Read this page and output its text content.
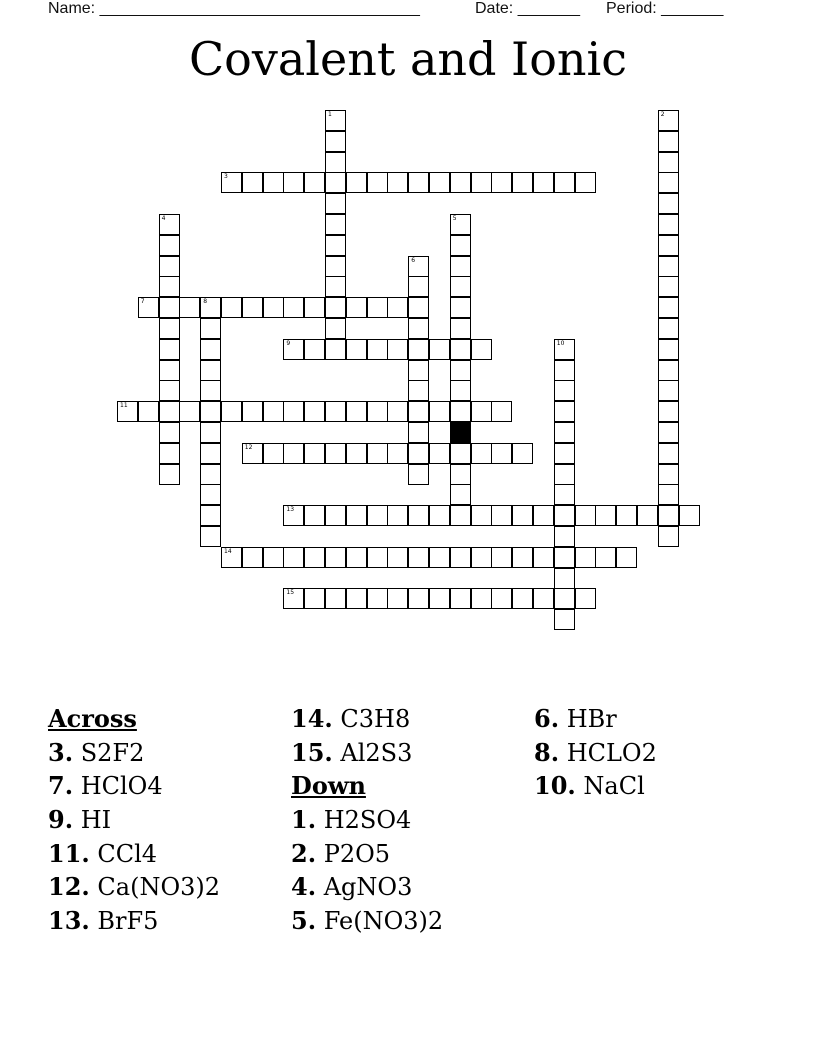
Name: ____________________________________	Date: _______ Period: _______
Covalent and Ionic
3
7	8
9
11
12
13
14
15
1	2
4	5
6
10
Across
3. S2F2
7. HClO4
9. HI
11. CCl4
12. Ca(NO3)2
13. BrF5
14. C3H8
15. Al2S3
Down
1. H2SO4
2. P2O5
4. AgNO3
5. Fe(NO3)2
6. HBr
8. HCLO2
10. NaCl
